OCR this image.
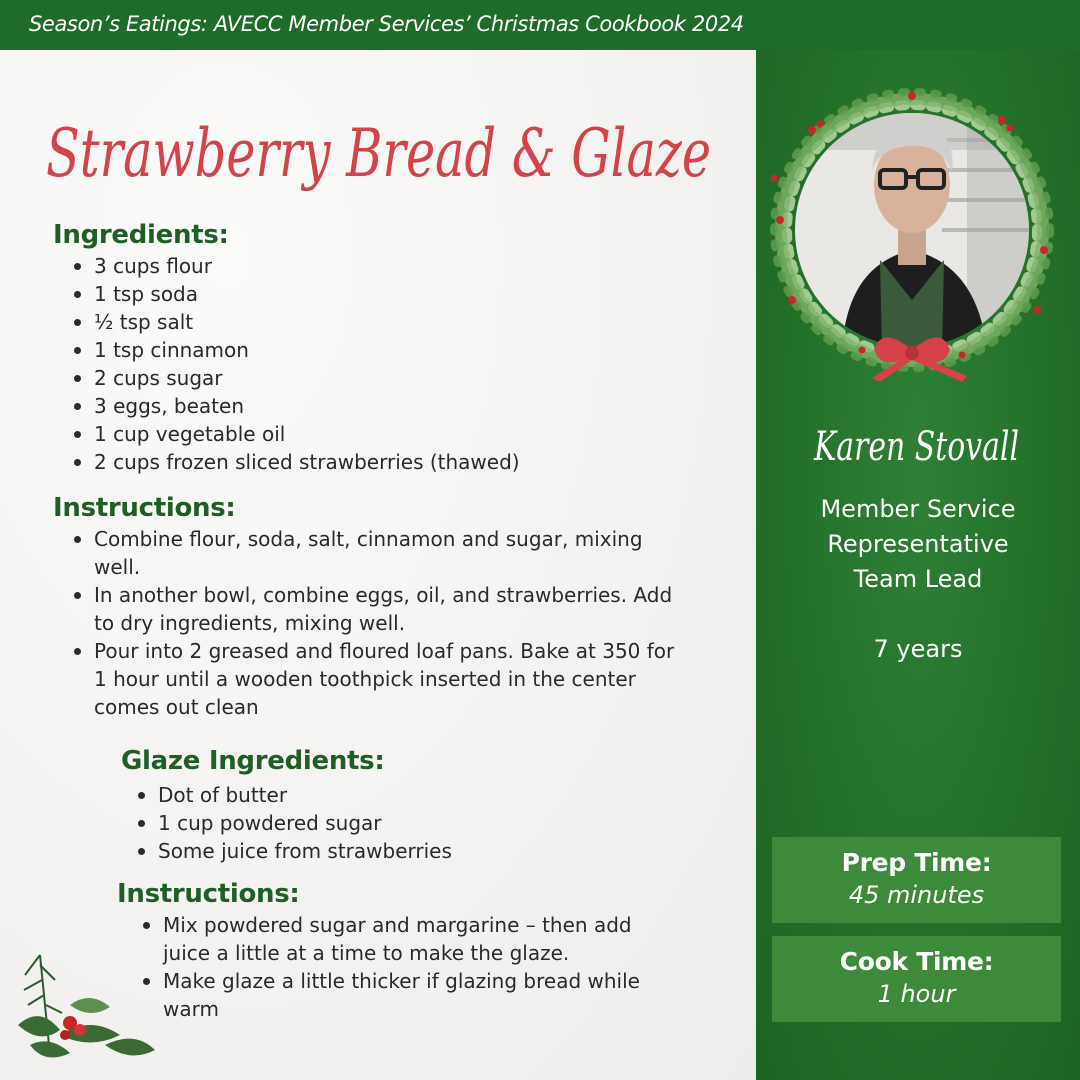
Season’s Eatings: AVECC Member Services’ Christmas Cookbook 2024
Strawberry Bread & Glaze
Ingredients:
3 cups flour
1 tsp soda
½ tsp salt
1 tsp cinnamon
2 cups sugar
3 eggs, beaten
1 cup vegetable oil
2 cups frozen sliced strawberries (thawed)
Instructions:
Combine flour, soda, salt, cinnamon and sugar, mixing well.
In another bowl, combine eggs, oil, and strawberries. Add to dry ingredients, mixing well.
Pour into 2 greased and floured loaf pans. Bake at 350 for 1 hour until a wooden toothpick inserted in the center comes out clean
Glaze Ingredients:
Dot of butter
1 cup powdered sugar
Some juice from strawberries
Instructions:
Mix powdered sugar and margarine – then add juice a little at a time to make the glaze.
Make glaze a little thicker if glazing bread while warm
Karen Stovall
Member Service
Representative
Team Lead
7 years
Prep Time:
45 minutes
Cook Time:
1 hour
